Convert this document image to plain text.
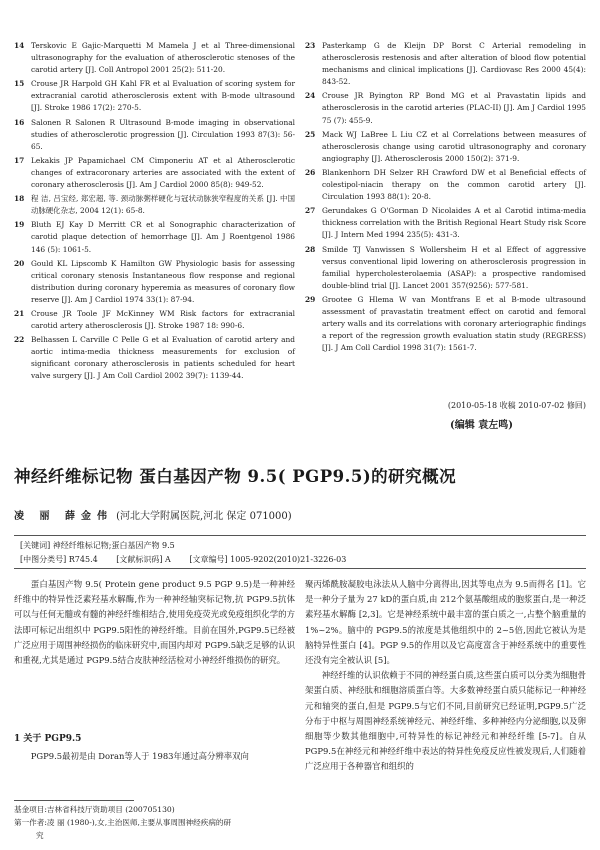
14 Terskovic E Gajic-Marquetti M Mamela J et al Three-dimensional ultrasonography for the evaluation of atherosclerotic stenoses of the carotid artery [J]. Coll Antropol 2001 25(2): 511-20.
15 Crouse JR Harpold GH Kahl FR et al Evaluation of scoring system for extracranial carotid atherosclerosis extent with B-mode ultrasound [J]. Stroke 1986 17(2): 270-5.
16 Salonen R Salonen R Ultrasound B-mode imaging in observational studies of atherosclerotic progression [J]. Circulation 1993 87(3): 56-65.
17 Lekakis JP Papamichael CM Cimponeriu AT et al Atherosclerotic changes of extracoronary arteries are associated with the extent of coronary atherosclerosis [J]. Am J Cardiol 2000 85(8): 949-52.
18 程 洁, 吕宝经, 郑宏超, 等. 颈动脉粥样硬化与冠状动脉狭窄程度的关系 [J]. 中国动脉硬化杂志, 2004 12(1): 65-8.
19 Bluth EJ Kay D Merritt CR et al Sonographic characterization of carotid plaque detection of hemorrhage [J]. Am J Roentgenol 1986 146 (5): 1061-5.
20 Gould KL Lipscomb K Hamilton GW Physiologic basis for assessing critical coronary stenosis Instantaneous flow response and regional distribution during coronary hyperemia as measures of coronary flow reserve [J]. Am J Cardiol 1974 33(1): 87-94.
21 Crouse JR Toole JF McKinney WM Risk factors for extracranial carotid artery atherosclerosis [J]. Stroke 1987 18: 990-6.
22 Belhassen L Carville C Pelle G et al Evaluation of carotid artery and aortic intima-media thickness measurements for exclusion of significant coronary atherosclerosis in patients scheduled for heart valve surgery [J]. J Am Coll Cardiol 2002 39(7): 1139-44.
23 Pasterkamp G de Kleijn DP Borst C Arterial remodeling in atherosclerosis restenosis and after alteration of blood flow potential mechanisms and clinical implications [J]. Cardiovasc Res 2000 45(4): 843-52.
24 Crouse JR Byington RP Bond MG et al Pravastatin lipids and atherosclerosis in the carotid arteries (PLAC-II) [J]. Am J Cardiol 1995 75 (7): 455-9.
25 Mack WJ LaBree L Liu CZ et al Correlations between measures of atherosclerosis change using carotid ultrasonography and coronary angiography [J]. Atherosclerosis 2000 150(2): 371-9.
26 Blankenhorn DH Selzer RH Crawford DW et al Beneficial effects of colestipol-niacin therapy on the common carotid artery [J]. Circulation 1993 88(1): 20-8.
27 Gerundakes G O'Gorman D Nicolaides A et al Carotid intima-media thickness correlation with the British Regional Heart Study risk Score [J]. J Intern Med 1994 235(5): 431-3.
28 Smilde TJ Vanwissen S Wollersheim H et al Effect of aggressive versus conventional lipid lowering on atherosclerosis progression in familial hypercholesterolaemia (ASAP): a prospective randomised double-blind trial [J]. Lancet 2001 357(9256): 577-581.
29 Grootee G Hlema W van Montfrans E et al B-mode ultrasound assessment of pravastatin treatment effect on carotid and femoral artery walls and its correlations with coronary arteriographic findings a report of the regression growth evaluation statin study (REGRESS) [J]. J Am Coll Cardiol 1998 31(7): 1561-7.
(2010-05-18 收稿 2010-07-02 修回)
(编辑 袁左鸣)
神经纤维标记物 蛋白基因产物 9.5( PGP9.5)的研究概况
凌 丽 薛金伟 (河北大学附属医院,河北 保定 071000)
[关键词] 神经纤维标记物;蛋白基因产物 9.5
[中图分类号] R745.4 [文献标识码] A [文章编号] 1005-9202(2010)21-3226-03

蛋白基因产物 9.5( Protein gene product 9.5 PGP 9.5)是一种神经纤维中的特异性泛素羟基水解酶,作为一种神经轴突标记物,抗 PGP9.5抗体可以与任何无髓或有髓的神经纤维相结合,使用免疫荧光或免疫组织化学的方法即可标记出组织中 PGP9.5阳性的神经纤维。目前在国外,PGP9.5已经被广泛应用于周围神经损伤的临床研究中,而国内却对 PGP9.5缺乏足够的认识和重视,尤其是通过 PGP9.5结合皮肤神经活检对小神经纤维损伤的研究。

1 关于 PGP9.5

PGP9.5最初是由 Doran等人于 1983年通过高分辨率双向

基金项目:吉林省科技厅资助项目 (200705130)
第一作者:凌 丽 (1980-),女,主治医师,主要从事周围神经疾病的研
究

聚丙烯酰胺凝胶电泳法从人脑中分离得出,因其等电点为 9.5而得名 [1]。它是一种分子量为 27 kD的蛋白质,由 212个氨基酸组成的胞浆蛋白,是一种泛素羟基水解酶 [2,3]。它是神经系统中最丰富的蛋白质之一,占整个脑重量的 1%~2%。脑中的 PGP9.5的浓度是其他组织中的 2~5倍,因此它被认为是脑特异性蛋白 [4]。PGP 9.5的作用以及它高度富含于神经系统中的重要性还没有完全被认识 [5]。

神经纤维的认识依赖于不同的神经蛋白质,这些蛋白质可以分类为细胞骨架蛋白质、神经肽和细胞溶质蛋白等。大多数神经蛋白质只能标记一种神经元和轴突的蛋白,但是 PGP9.5与它们不同,目前研究已经证明,PGP9.5广泛分布于中枢与周围神经系统神经元、神经纤维、多种神经内分泌细胞,以及卵细胞等少数其他细胞中,可特异性的标记神经元和神经纤维 [5-7]。自从 PGP9.5在神经元和神经纤维中表达的特异性免疫反应性被发现后,人们随着广泛应用于各种器官和组织的
